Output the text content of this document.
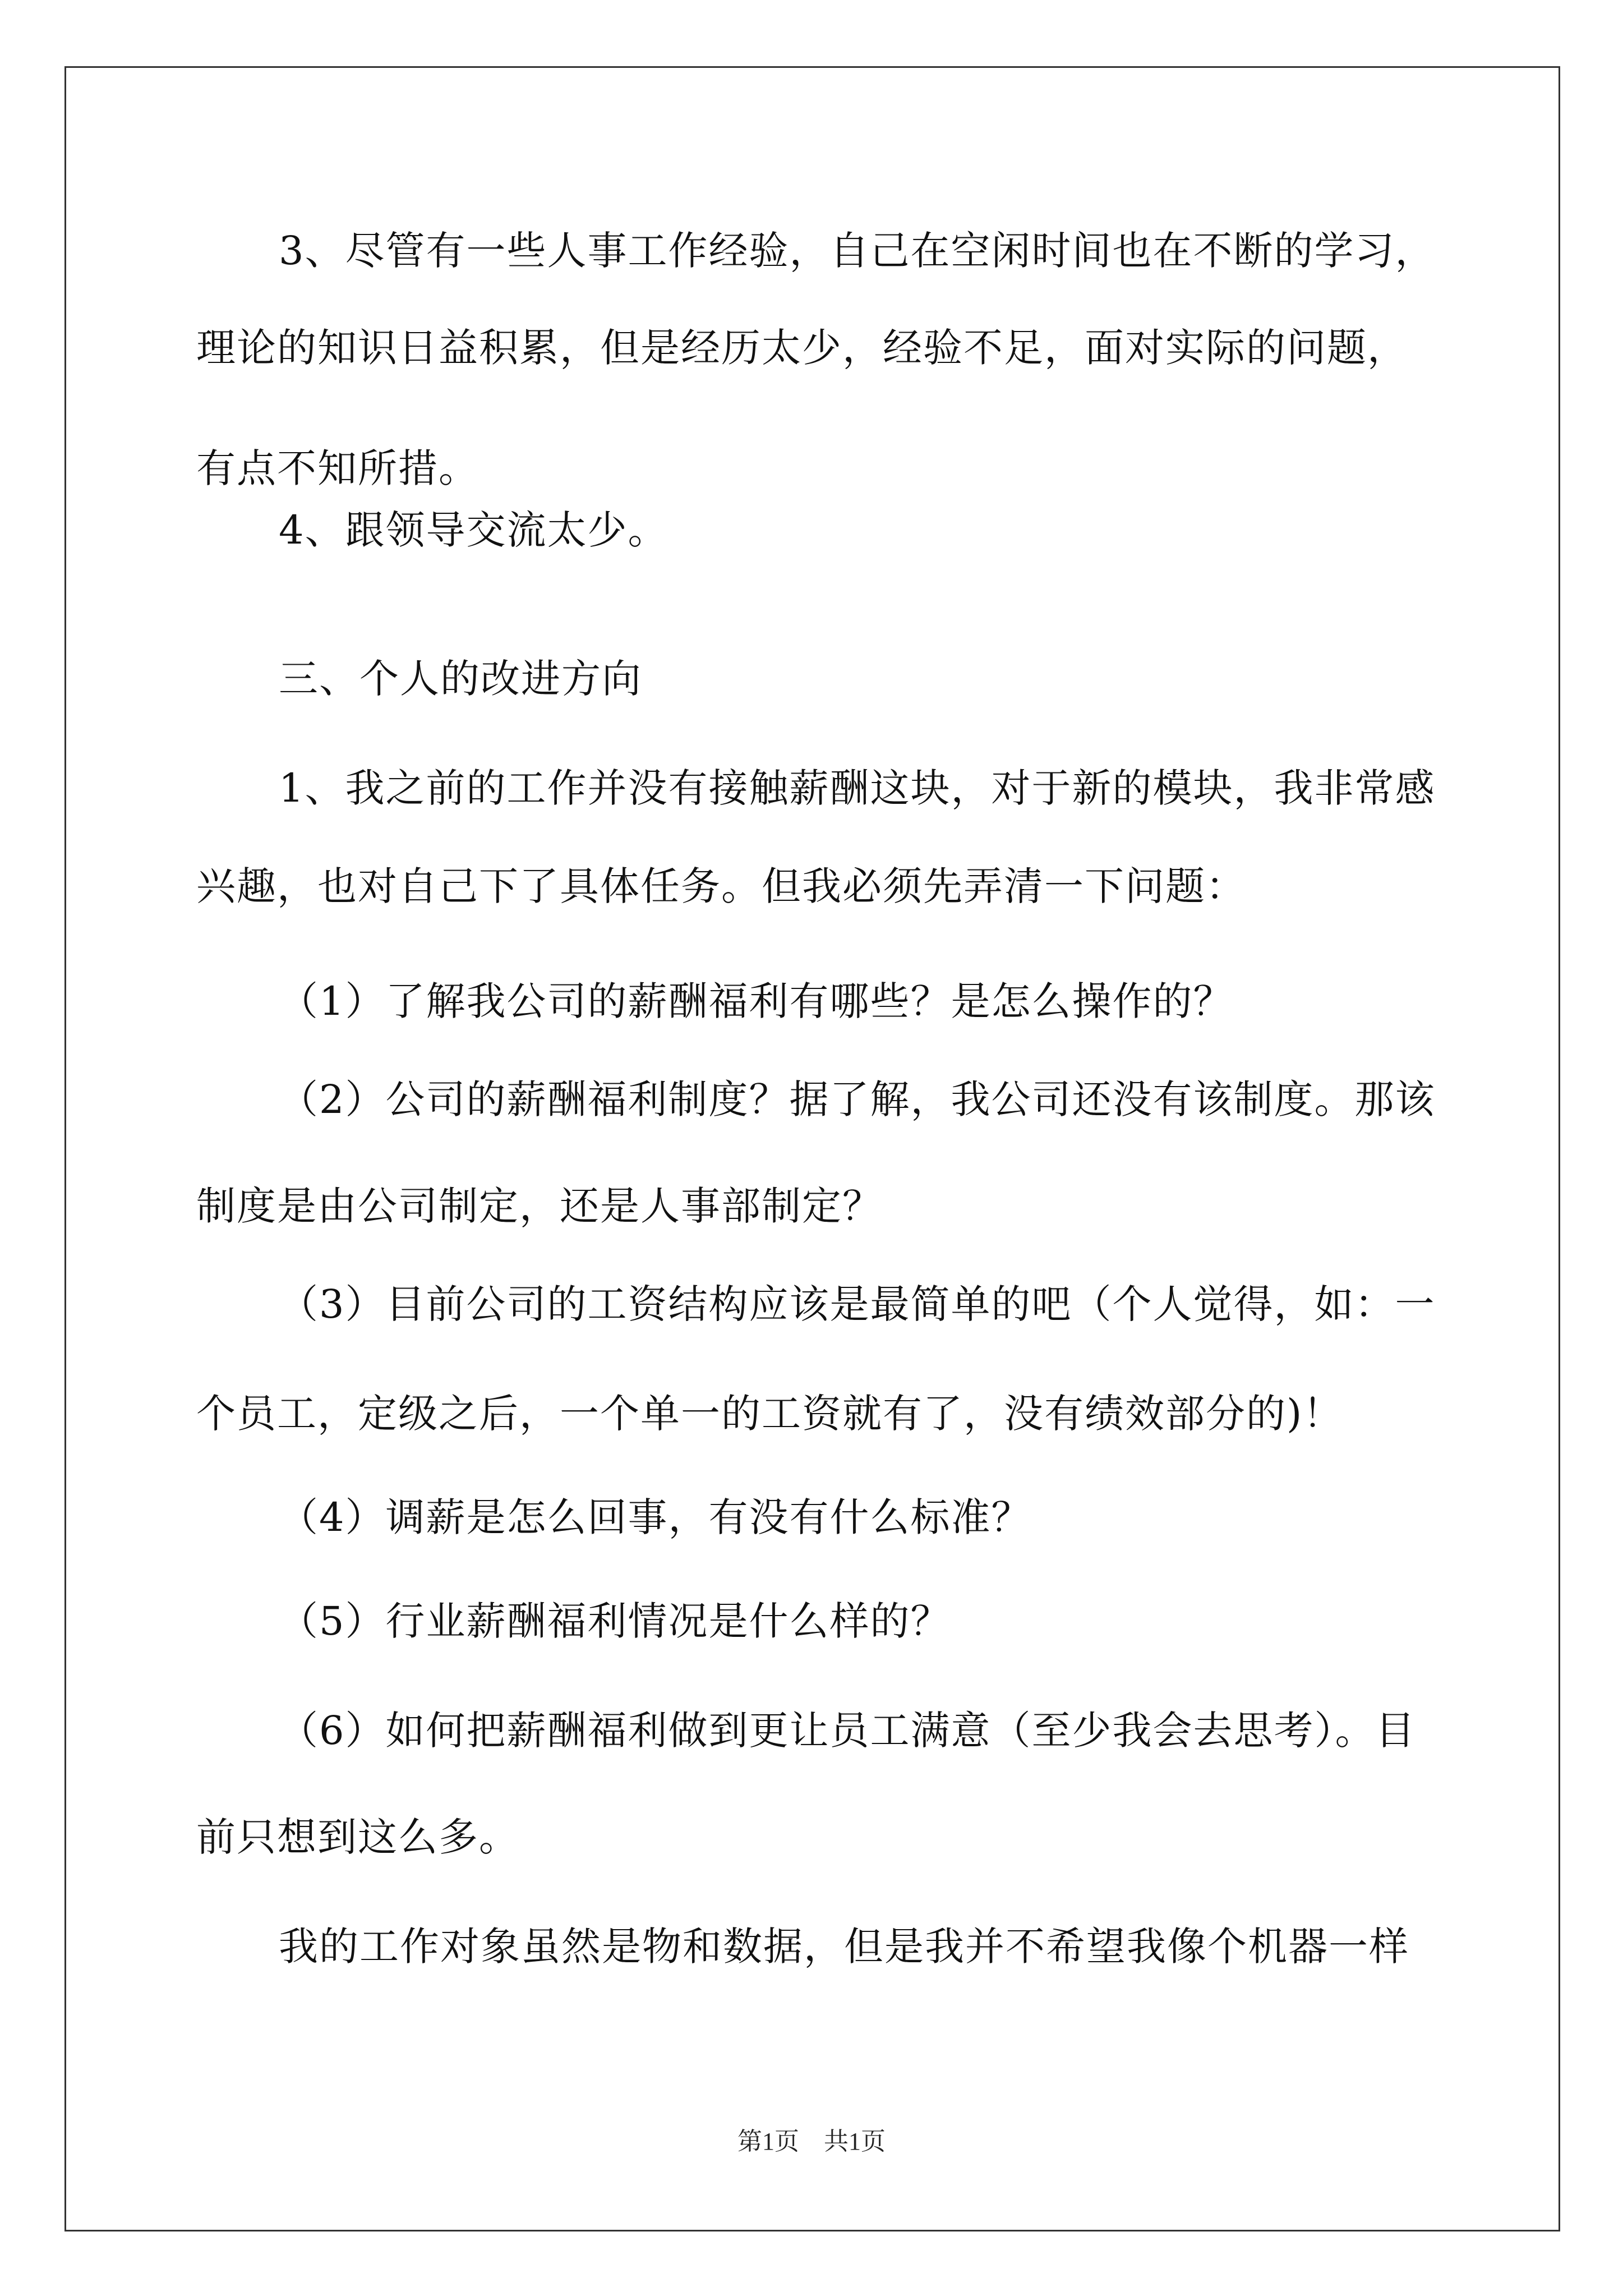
3、尽管有一些人事工作经验，自己在空闲时间也在不断的学习，
理论的知识日益积累，但是经历太少，经验不足，面对实际的问题，
有点不知所措。
4、跟领导交流太少。
三、个人的改进方向
1、我之前的工作并没有接触薪酬这块，对于新的模块，我非常感
兴趣，也对自己下了具体任务。但我必须先弄清一下问题：
（1）了解我公司的薪酬福利有哪些？是怎么操作的？
（2）公司的薪酬福利制度？据了解，我公司还没有该制度。那该
制度是由公司制定，还是人事部制定？
（3）目前公司的工资结构应该是最简单的吧（个人觉得，如：一
个员工，定级之后，一个单一的工资就有了，没有绩效部分的)！
（4）调薪是怎么回事，有没有什么标准？
（5）行业薪酬福利情况是什么样的？
（6）如何把薪酬福利做到更让员工满意（至少我会去思考）。目
前只想到这么多。
我的工作对象虽然是物和数据，但是我并不希望我像个机器一样
第1页　共1页
